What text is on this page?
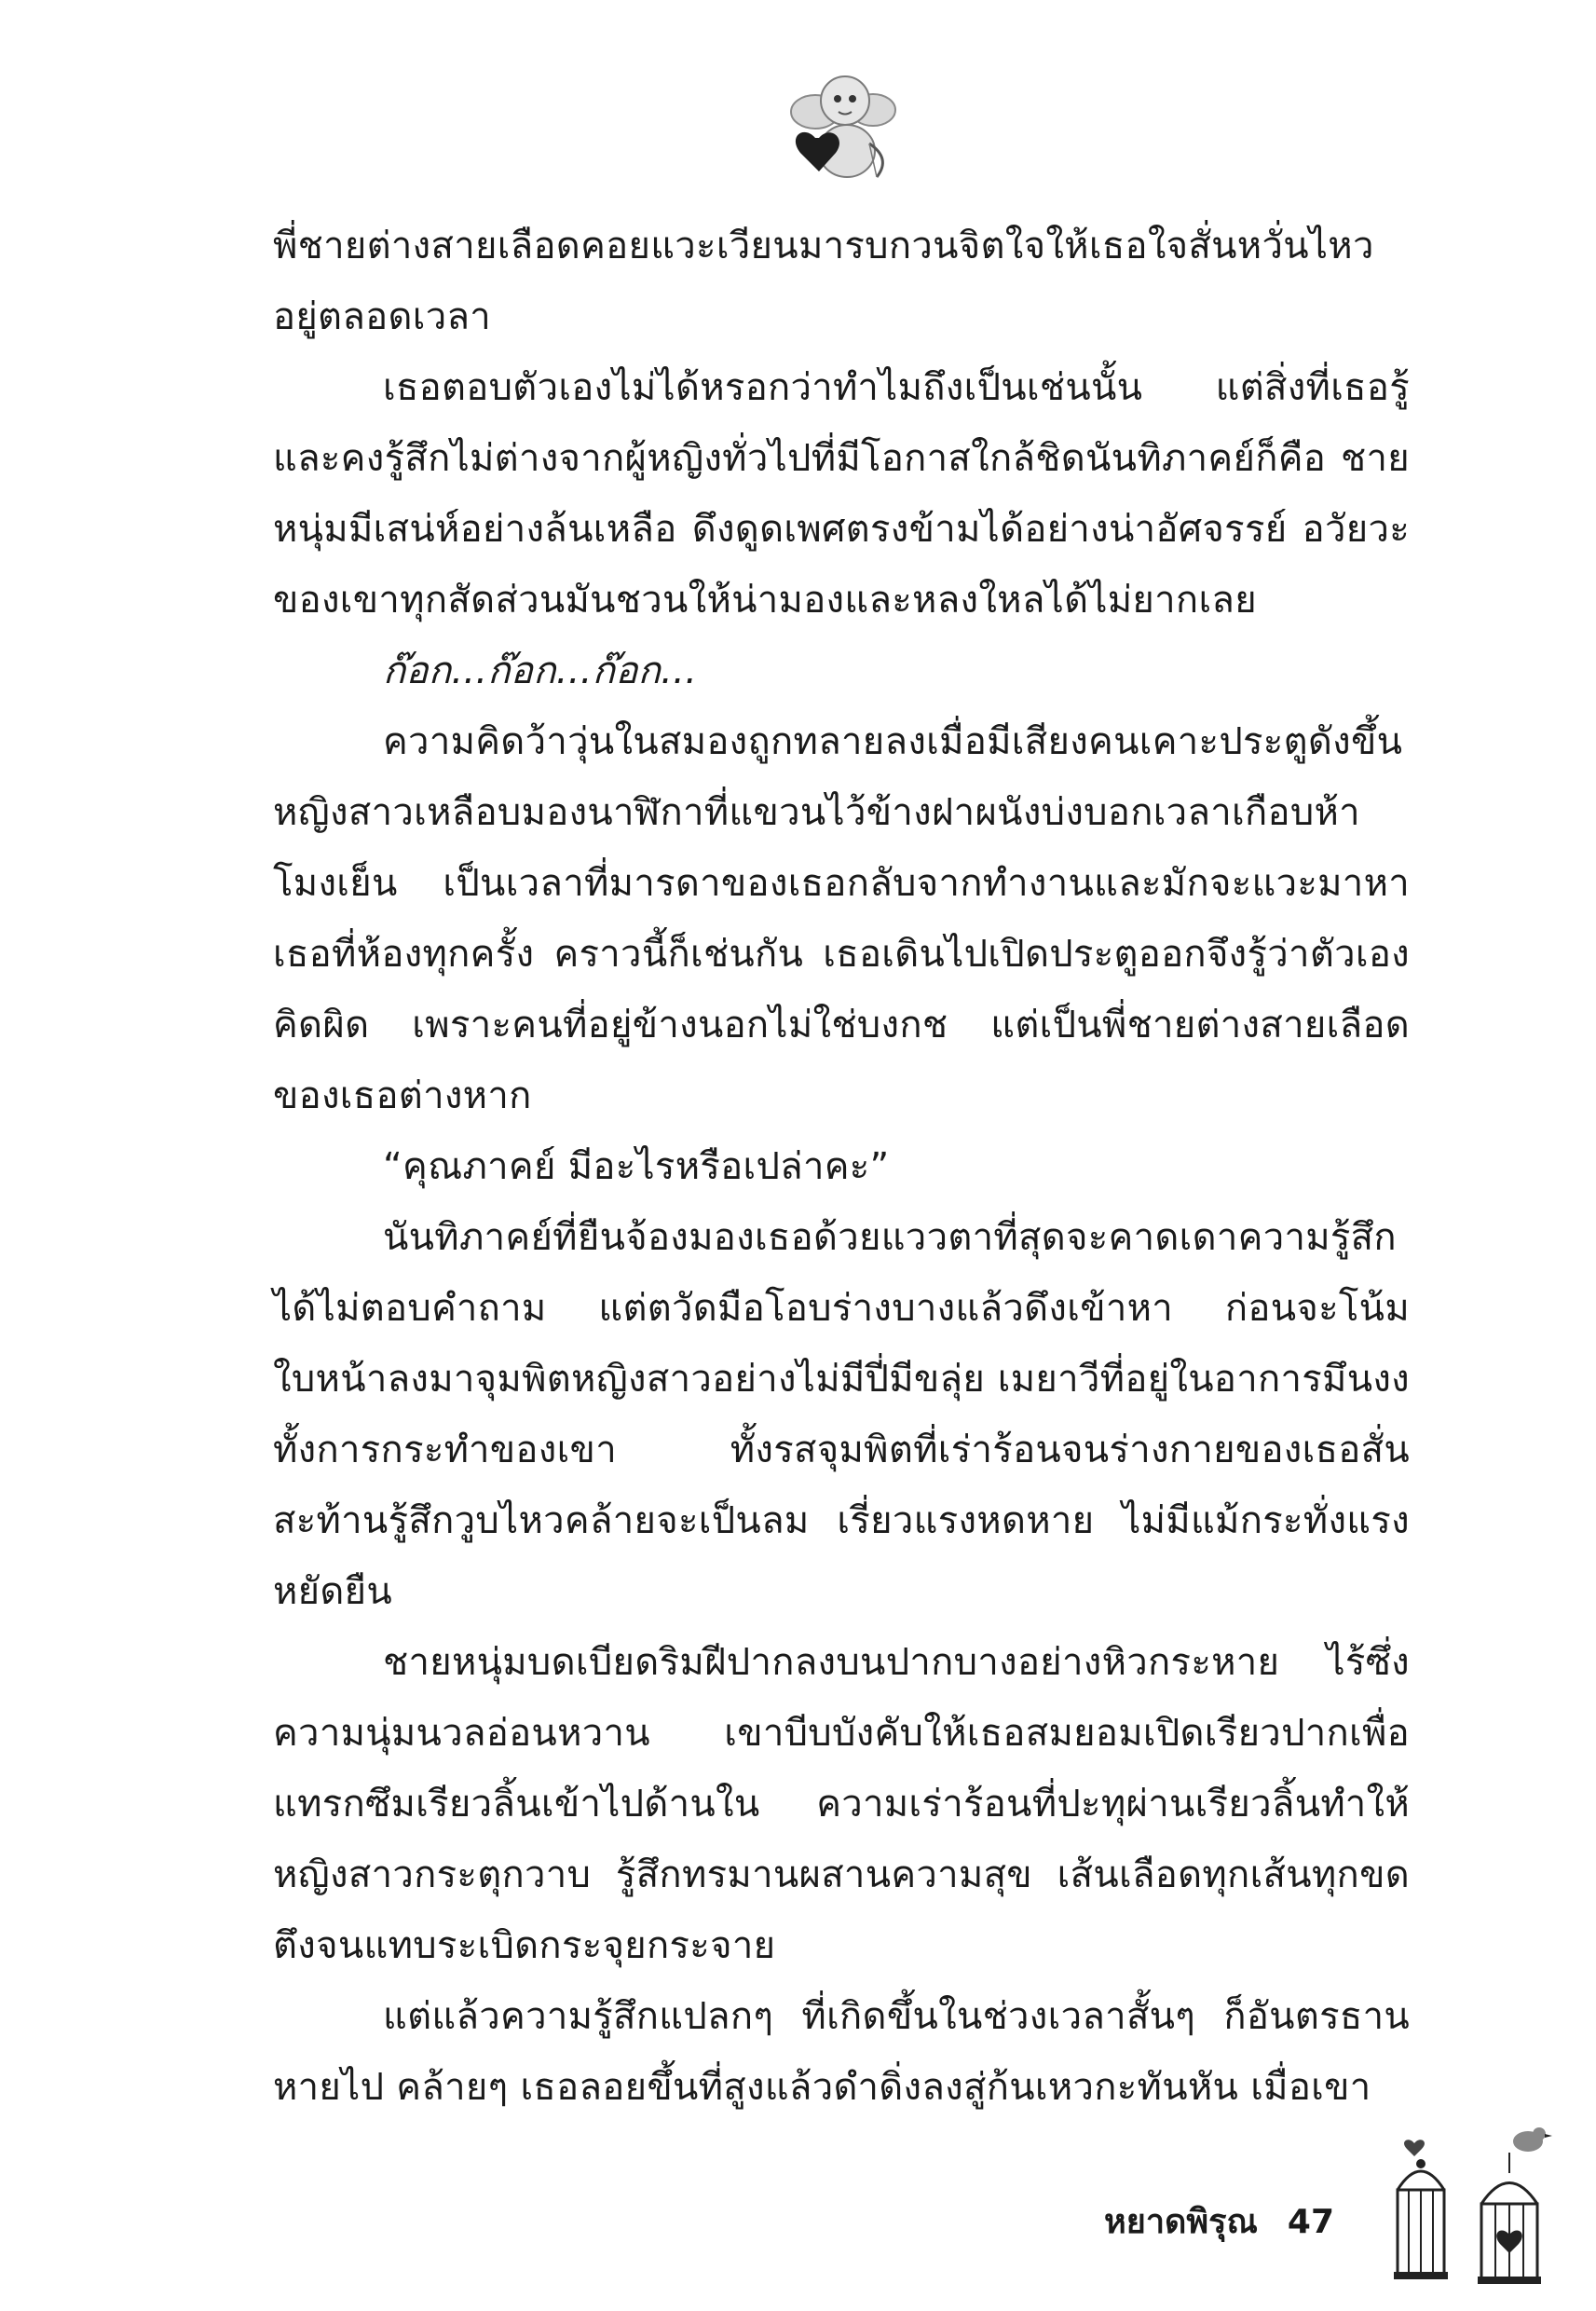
พี่ชายต่างสายเลือดคอยแวะเวียนมารบกวนจิตใจให้เธอใจสั่นหวั่นไหวอยู่ตลอดเวลา

เธอตอบตัวเองไม่ได้หรอกว่าทำไมถึงเป็นเช่นนั้น แต่สิ่งที่เธอรู้และคงรู้สึกไม่ต่างจากผู้หญิงทั่วไปที่มีโอกาสใกล้ชิดนันทิภาคย์ก็คือ ชายหนุ่มมีเสน่ห์อย่างล้นเหลือ ดึงดูดเพศตรงข้ามได้อย่างน่าอัศจรรย์ อวัยวะของเขาทุกสัดส่วนมันชวนให้น่ามองและหลงใหลได้ไม่ยากเลย

ก๊อก...ก๊อก...ก๊อก...

ความคิดว้าวุ่นในสมองถูกทลายลงเมื่อมีเสียงคนเคาะประตูดังขึ้น หญิงสาวเหลือบมองนาฬิกาที่แขวนไว้ข้างฝาผนังบ่งบอกเวลาเกือบห้าโมงเย็น เป็นเวลาที่มารดาของเธอกลับจากทำงานและมักจะแวะมาหาเธอที่ห้องทุกครั้ง คราวนี้ก็เช่นกัน เธอเดินไปเปิดประตูออกจึงรู้ว่าตัวเองคิดผิด เพราะคนที่อยู่ข้างนอกไม่ใช่บงกช แต่เป็นพี่ชายต่างสายเลือดของเธอต่างหาก

“คุณภาคย์ มีอะไรหรือเปล่าคะ”

นันทิภาคย์ที่ยืนจ้องมองเธอด้วยแววตาที่สุดจะคาดเดาความรู้สึกได้ไม่ตอบคำถาม แต่ตวัดมือโอบร่างบางแล้วดึงเข้าหา ก่อนจะโน้มใบหน้าลงมาจุมพิตหญิงสาวอย่างไม่มีปี่มีขลุ่ย เมยาวีที่อยู่ในอาการมึนงงทั้งการกระทำของเขา ทั้งรสจุมพิตที่เร่าร้อนจนร่างกายของเธอสั่นสะท้านรู้สึกวูบไหวคล้ายจะเป็นลม เรี่ยวแรงหดหาย ไม่มีแม้กระทั่งแรงหยัดยืน

ชายหนุ่มบดเบียดริมฝีปากลงบนปากบางอย่างหิวกระหาย ไร้ซึ่งความนุ่มนวลอ่อนหวาน เขาบีบบังคับให้เธอสมยอมเปิดเรียวปากเพื่อแทรกซึมเรียวลิ้นเข้าไปด้านใน ความเร่าร้อนที่ปะทุผ่านเรียวลิ้นทำให้หญิงสาวกระตุกวาบ รู้สึกทรมานผสานความสุข เส้นเลือดทุกเส้นทุกขดตึงจนแทบระเบิดกระจุยกระจาย

แต่แล้วความรู้สึกแปลกๆ ที่เกิดขึ้นในช่วงเวลาสั้นๆ ก็อันตรธานหายไป คล้ายๆ เธอลอยขึ้นที่สูงแล้วดำดิ่งลงสู่ก้นเหวกะทันหัน เมื่อเขา

หยาดพิรุณ 47
